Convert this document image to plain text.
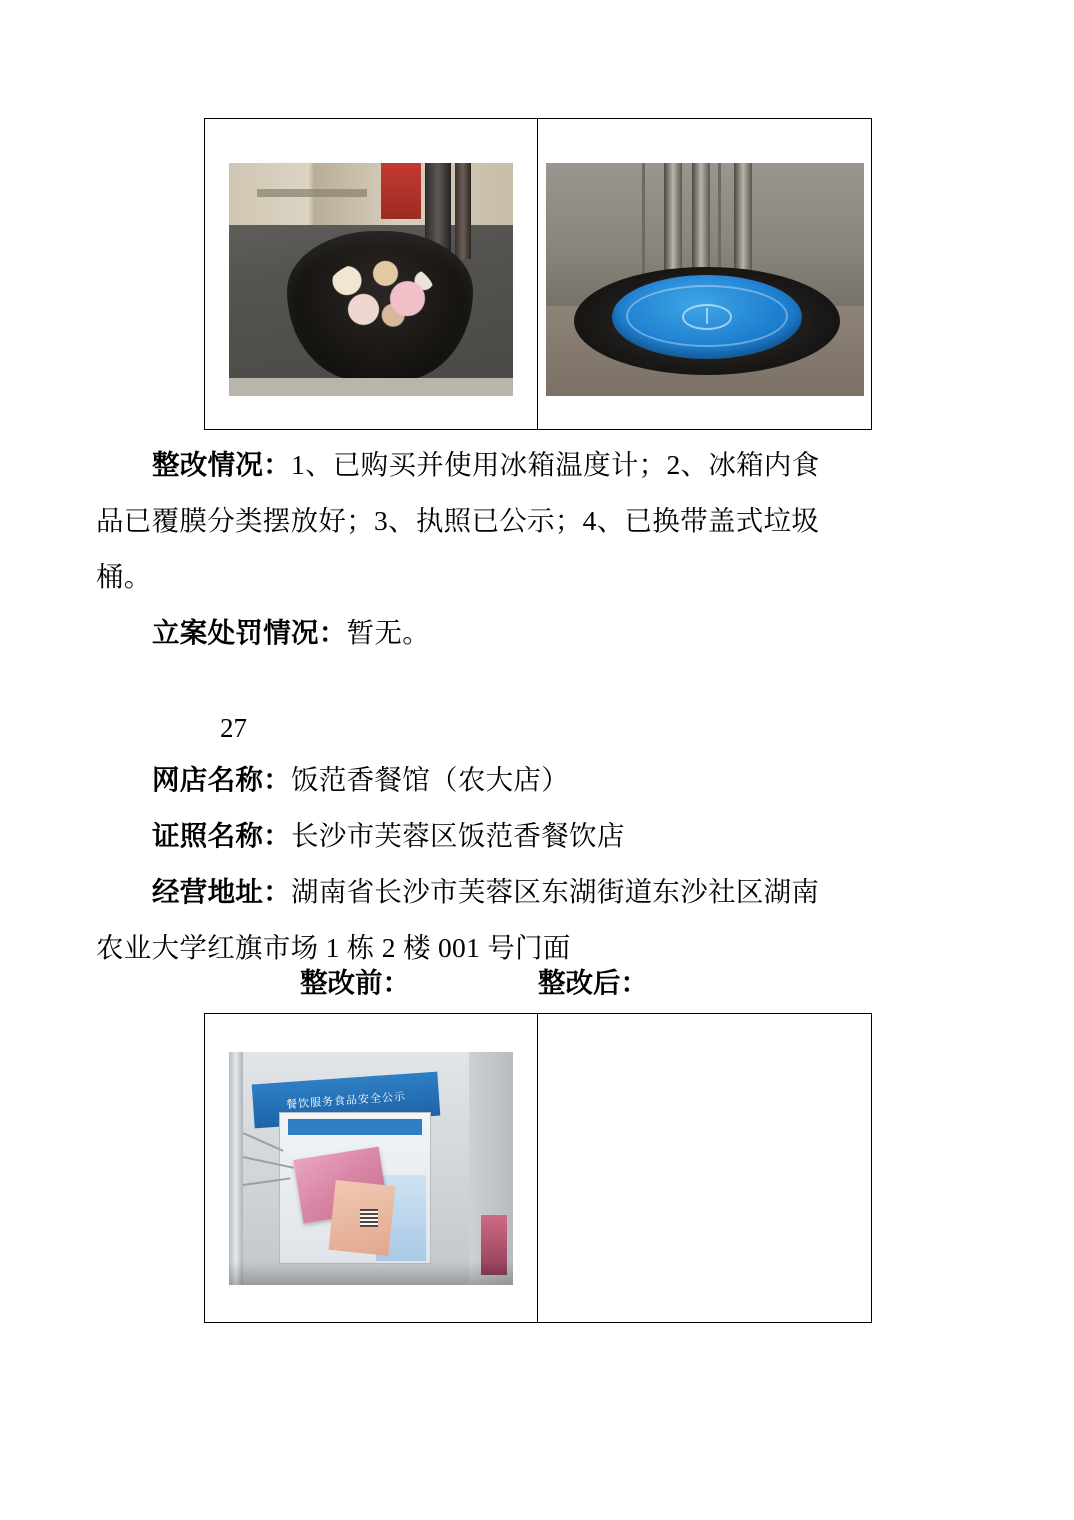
整改情况：1、已购买并使用冰箱温度计；2、冰箱内食
品已覆膜分类摆放好；3、执照已公示；4、已换带盖式垃圾
桶。
立案处罚情况：暂无。
27
网店名称：饭范香餐馆（农大店）
证照名称：长沙市芙蓉区饭范香餐饮店
经营地址：湖南省长沙市芙蓉区东湖街道东沙社区湖南
农业大学红旗市场 1 栋 2 楼 001 号门面
整改前：	整改后：
餐饮服务食品安全公示
